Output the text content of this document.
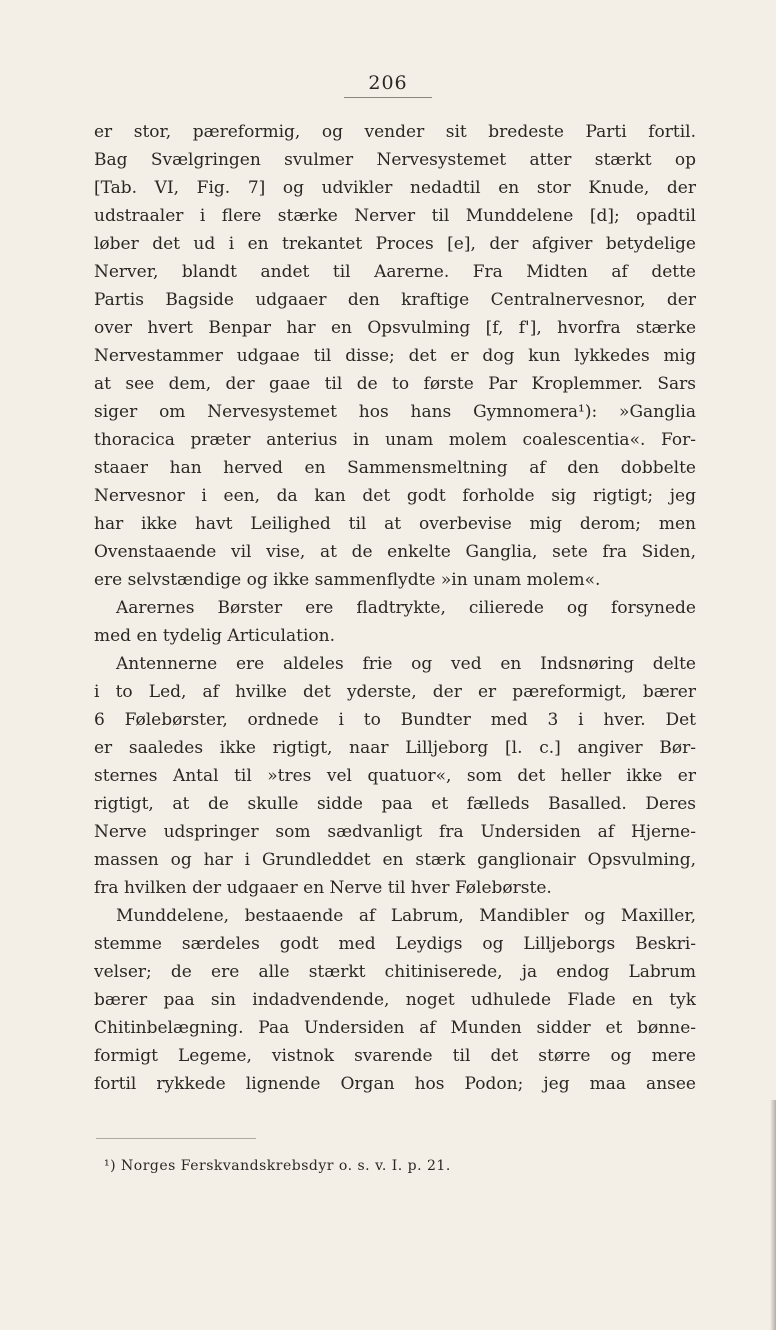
206
er stor, pæreformig, og vender sit bredeste Parti fortil.
Bag Svælgringen svulmer Nervesystemet atter stærkt op
[Tab. VI, Fig. 7] og udvikler nedadtil en stor Knude, der
udstraaler i flere stærke Nerver til Munddelene [d]; opadtil
løber det ud i en trekantet Proces [e], der afgiver betydelige
Nerver, blandt andet til Aarerne. Fra Midten af dette
Partis Bagside udgaaer den kraftige Centralnervesnor, der
over hvert Benpar har en Opsvulming [f, f'], hvorfra stærke
Nervestammer udgaae til disse; det er dog kun lykkedes mig
at see dem, der gaae til de to første Par Kroplemmer. Sars
siger om Nervesystemet hos hans Gymnomera¹): »Ganglia
thoracica præter anterius in unam molem coalescentia«. For-
staaer han herved en Sammensmeltning af den dobbelte
Nervesnor i een, da kan det godt forholde sig rigtigt; jeg
har ikke havt Leilighed til at overbevise mig derom; men
Ovenstaaende vil vise, at de enkelte Ganglia, sete fra Siden,
ere selvstændige og ikke sammenflydte »in unam molem«.
Aarernes Børster ere fladtrykte, cilierede og forsynede
med en tydelig Articulation.
Antennerne ere aldeles frie og ved en Indsnøring delte
i to Led, af hvilke det yderste, der er pæreformigt, bærer
6 Følebørster, ordnede i to Bundter med 3 i hver. Det
er saaledes ikke rigtigt, naar Lilljeborg [l. c.] angiver Bør-
sternes Antal til »tres vel quatuor«, som det heller ikke er
rigtigt, at de skulle sidde paa et fælleds Basalled. Deres
Nerve udspringer som sædvanligt fra Undersiden af Hjerne-
massen og har i Grundleddet en stærk ganglionair Opsvulming,
fra hvilken der udgaaer en Nerve til hver Følebørste.
Munddelene, bestaaende af Labrum, Mandibler og Maxiller,
stemme særdeles godt med Leydigs og Lilljeborgs Beskri-
velser; de ere alle stærkt chitiniserede, ja endog Labrum
bærer paa sin indadvendende, noget udhulede Flade en tyk
Chitinbelægning. Paa Undersiden af Munden sidder et bønne-
formigt Legeme, vistnok svarende til det større og mere
fortil rykkede lignende Organ hos Podon; jeg maa ansee
¹) Norges Ferskvandskrebsdyr o. s. v. I. p. 21.
